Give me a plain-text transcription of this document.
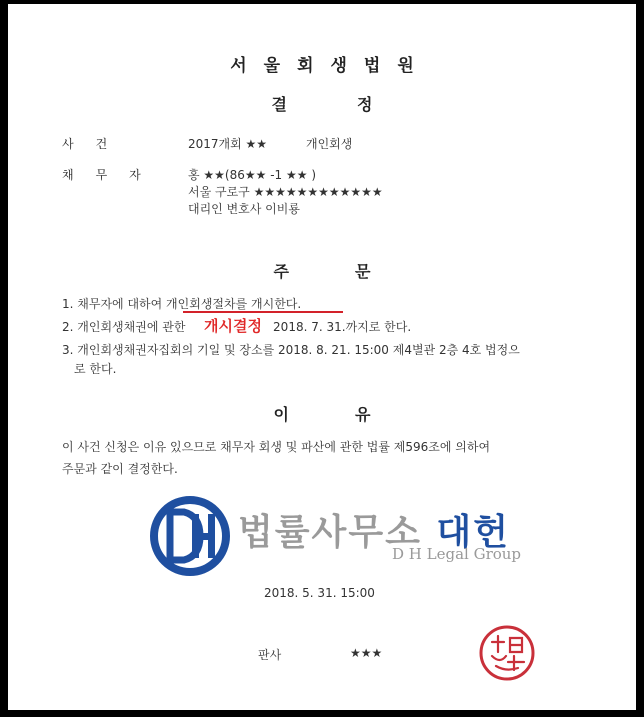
서울회생법원
결정
사건	2017개회 ★★	개인회생
채무자 홍 ★★(86★★ -1 ★★ )
서울 구로구 ★★★★★★★★★★★★
대리인 변호사 이비룡
주문
1. 채무자에 대하여 개인회생절차를 개시한다.
2. 개인회생채권에 관한	2018. 7. 31.까지로 한다.
개시결정
3. 개인회생채권자집회의 기일 및 장소를 2018. 8. 21. 15:00 제4별관 2층 4호 법정으
로 한다.
이유
이 사건 신청은 이유 있으므로 채무자 회생 및 파산에 관한 법률 제596조에 의하여
주문과 같이 결정한다.
법률사무소 대헌
D H Legal Group
2018. 5. 31. 15:00
판사	★★★
